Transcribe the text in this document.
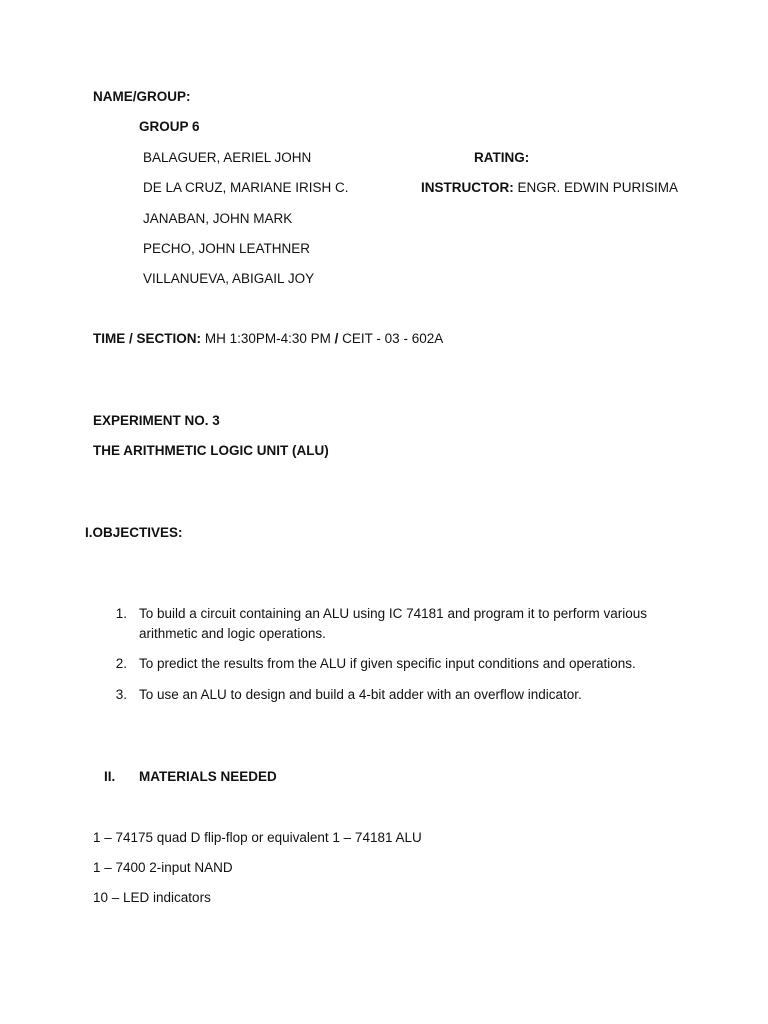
NAME/GROUP:
GROUP 6
BALAGUER, AERIEL JOHN
DE LA CRUZ, MARIANE IRISH C.
JANABAN, JOHN MARK
PECHO, JOHN LEATHNER
VILLANUEVA, ABIGAIL JOY
RATING:
INSTRUCTOR: ENGR. EDWIN PURISIMA
TIME / SECTION: MH 1:30PM-4:30 PM / CEIT - 03 - 602A
EXPERIMENT NO. 3
THE ARITHMETIC LOGIC UNIT (ALU)
I.OBJECTIVES:
1. To build a circuit containing an ALU using IC 74181 and program it to perform various arithmetic and logic operations.
2. To predict the results from the ALU if given specific input conditions and operations.
3. To use an ALU to design and build a 4-bit adder with an overflow indicator.
II. MATERIALS NEEDED
1 – 74175 quad D flip-flop or equivalent 1 – 74181 ALU
1 – 7400 2-input NAND
10 – LED indicators
